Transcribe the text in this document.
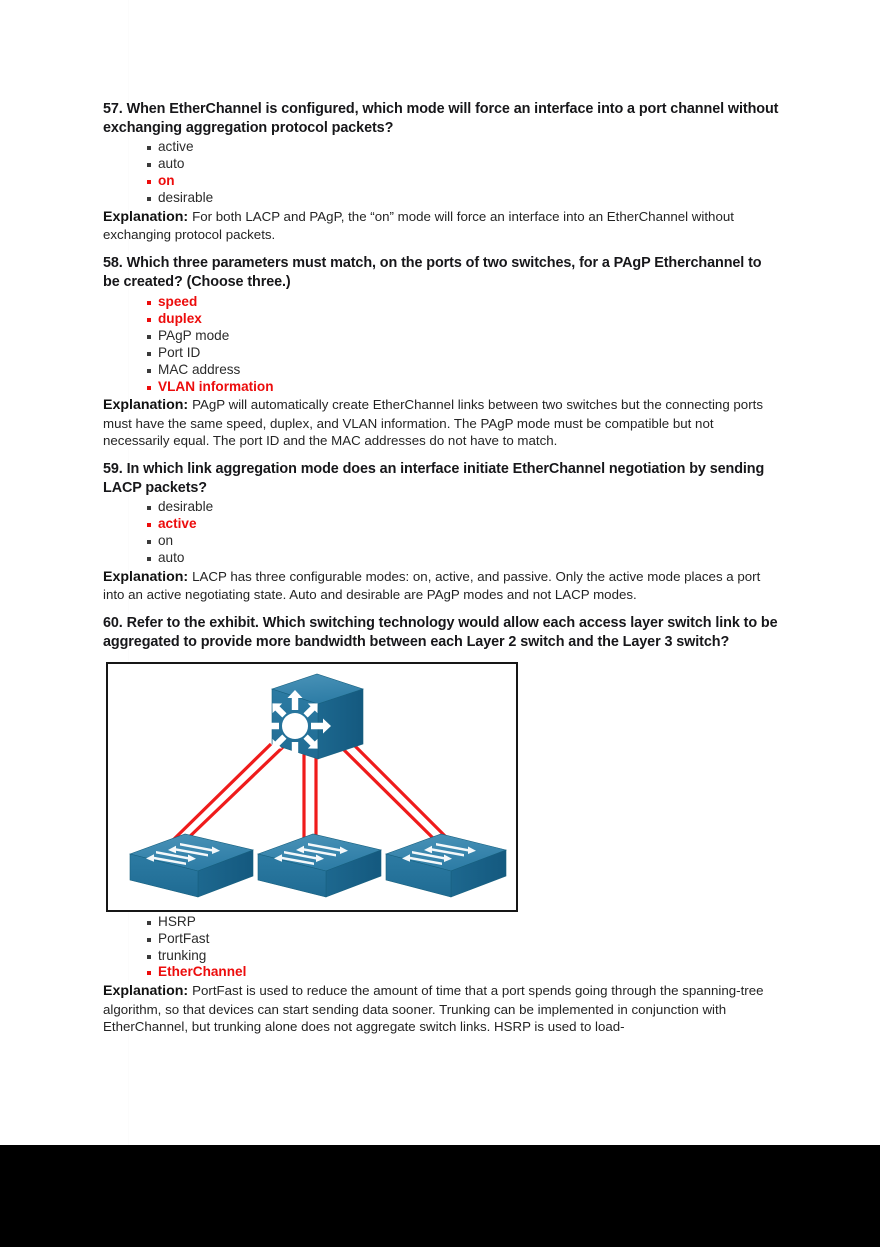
57. When EtherChannel is configured, which mode will force an interface into a port channel without exchanging aggregation protocol packets?

active
auto
on
desirable

Explanation: For both LACP and PAgP, the “on” mode will force an interface into an EtherChannel without exchanging protocol packets.

58. Which three parameters must match, on the ports of two switches, for a PAgP Etherchannel to be created? (Choose three.)

speed
duplex
PAgP mode
Port ID
MAC address
VLAN information

Explanation: PAgP will automatically create EtherChannel links between two switches but the connecting ports must have the same speed, duplex, and VLAN information. The PAgP mode must be compatible but not necessarily equal. The port ID and the MAC addresses do not have to match.

59. In which link aggregation mode does an interface initiate EtherChannel negotiation by sending LACP packets?

desirable
active
on
auto

Explanation: LACP has three configurable modes: on, active, and passive. Only the active mode places a port into an active negotiating state. Auto and desirable are PAgP modes and not LACP modes.

60. Refer to the exhibit. Which switching technology would allow each access layer switch link to be aggregated to provide more bandwidth between each Layer 2 switch and the Layer 3 switch?

HSRP
PortFast
trunking
EtherChannel

Explanation: PortFast is used to reduce the amount of time that a port spends going through the spanning-tree algorithm, so that devices can start sending data sooner. Trunking can be implemented in conjunction with EtherChannel, but trunking alone does not aggregate switch links. HSRP is used to load-
